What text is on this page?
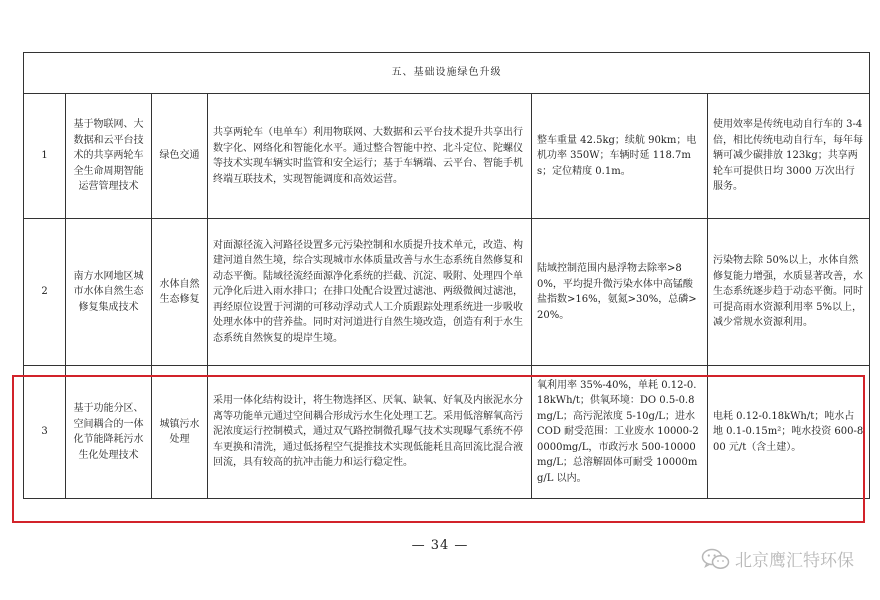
五、基础设施绿色升级					
1	基于物联网、大数据和云平台技术的共享两轮车全生命周期智能运营管理技术	绿色交通	共享两轮车（电单车）利用物联网、大数据和云平台技术提升共享出行数字化、网络化和智能化水平。通过整合智能中控、北斗定位、陀螺仪等技术实现车辆实时监管和安全运行；基于车辆端、云平台、智能手机终端互联技术，实现智能调度和高效运营。	整车重量 42.5kg；续航 90km；电机功率 350W；车辆时延 118.7ms；定位精度 0.1m。	使用效率是传统电动自行车的 3-4 倍，相比传统电动自行车，每年每辆可减少碳排放 123kg；共享两轮车可提供日均 3000 万次出行服务。
2	南方水网地区城市水体自然生态修复集成技术	水体自然生态修复	对面源径流入河路径设置多元污染控制和水质提升技术单元，改造、构建河道自然生境，综合实现城市水体质量改善与水生态系统自然修复和动态平衡。陆域径流经面源净化系统的拦截、沉淀、吸附、处理四个单元净化后进入雨水排口；在排口处配合设置过滤池、两级微阀过滤池，再经原位设置于河湖的可移动浮动式人工介质跟踪处理系统进一步吸收处理水体中的营养盐。同时对河道进行自然生境改造，创造有利于水生态系统自然恢复的堤岸生境。	陆域控制范围内悬浮物去除率>80%，平均提升微污染水体中高锰酸盐指数>16%，氨氮>30%，总磷>20%。	污染物去除 50%以上，水体自然修复能力增强，水质显著改善，水生态系统逐步趋于动态平衡。同时可提高雨水资源利用率 5%以上，减少常规水资源利用。
3	基于功能分区、空间耦合的一体化节能降耗污水生化处理技术	城镇污水处理	采用一体化结构设计，将生物选择区、厌氧、缺氧、好氧及内嵌泥水分离等功能单元通过空间耦合形成污水生化处理工艺。采用低溶解氧高污泥浓度运行控制模式，通过双气路控制微孔曝气技术实现曝气系统不停车更换和清洗，通过低扬程空气提推技术实现低能耗且高回流比混合液回流，具有较高的抗冲击能力和运行稳定性。	氧利用率 35%-40%，单耗 0.12-0.18kWh/t；供氧环境：DO 0.5-0.8mg/L；高污泥浓度 5-10g/L；进水 COD 耐受范围：工业废水 10000-20000mg/L，市政污水 500-10000mg/L；总溶解固体可耐受 10000mg/L 以内。	电耗 0.12-0.18kWh/t；吨水占地 0.1-0.15m²；吨水投资 600-800 元/t（含土建）。
— 34 —
北京鹰汇特环保
